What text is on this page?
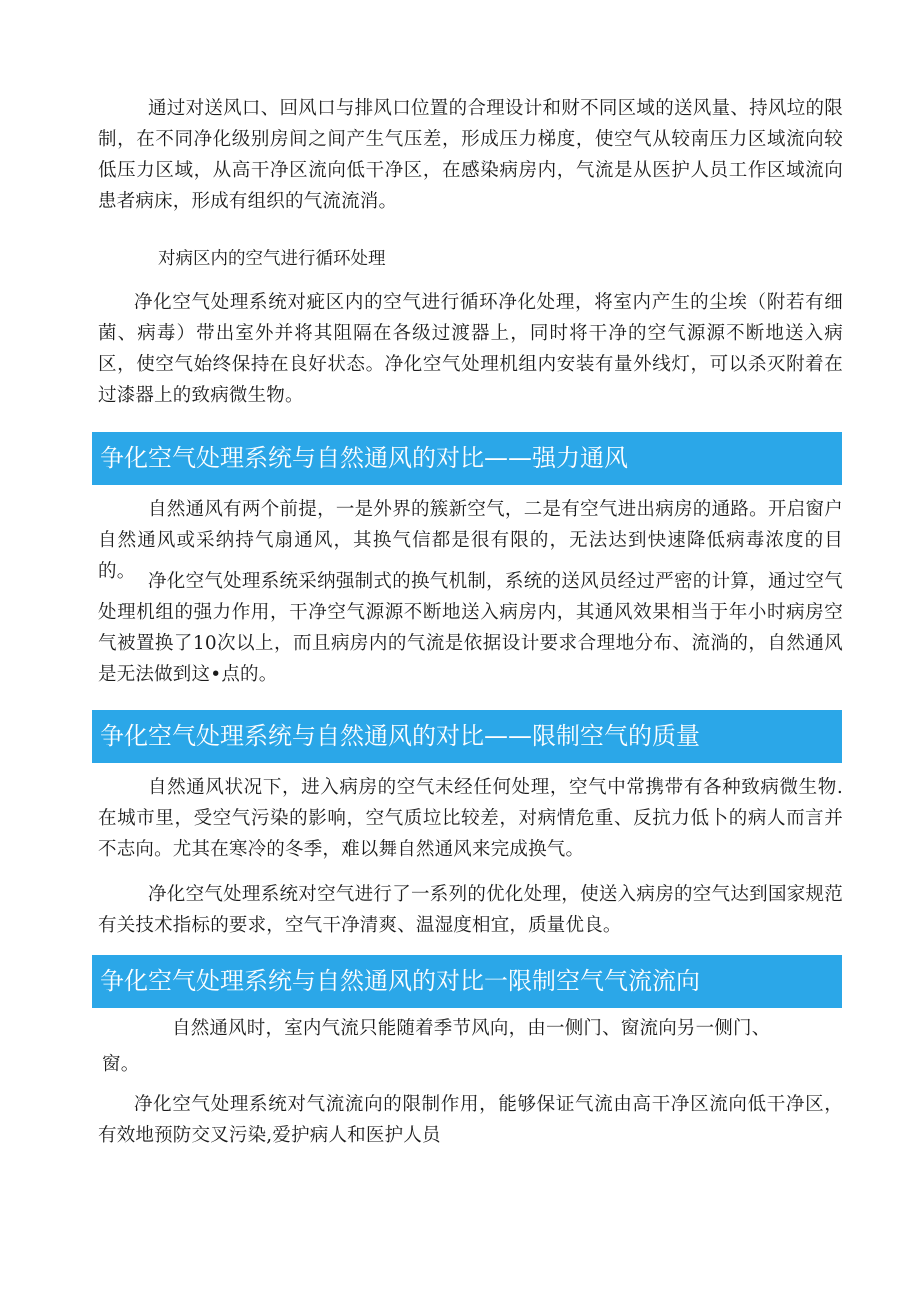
通过对送风口、回风口与排风口位置的合理设计和财不同区域的送风量、持风垃的限制，在不同净化级别房间之间产生气压差，形成压力梯度，使空气从较南压力区域流向较低压力区域，从高干净区流向低干净区，在感染病房内，气流是从医护人员工作区域流向患者病床，形成有组织的气流流消。

对病区内的空气进行循环处理

净化空气处理系统对疵区内的空气进行循环净化处理，将室内产生的尘埃（附若有细菌、病毒）带出室外并将其阻隔在各级过渡器上，同时将干净的空气源源不断地送入病区，使空气始终保持在良好状态。净化空气处理机组内安装有量外线灯，可以杀灭附着在过漆器上的致病微生物。

争化空气处理系统与自然通风的对比——强力通风

自然通风有两个前提，一是外界的簇新空气，二是有空气进出病房的通路。开启窗户自然通风或采纳持气扇通风，其换气信都是很有限的，无法达到快速降低病毒浓度的目的。 净化空气处理系统采纳强制式的换气机制，系统的送风员经过严密的计算，通过空气处理机组的强力作用，干净空气源源不断地送入病房内，其通风效果相当于年小时病房空气被置换了10次以上，而且病房内的气流是依据设计要求合理地分布、流淌的，自然通风是无法做到这•点的。

争化空气处理系统与自然通风的对比——限制空气的质量

自然通风状况下，进入病房的空气未经任何处理，空气中常携带有各种致病微生物.在城市里，受空气污染的影响，空气质垃比较差，对病情危重、反抗力低卜的病人而言并不志向。尤其在寒冷的冬季，难以舞自然通风来完成换气。

净化空气处理系统对空气进行了一系列的优化处理，使送入病房的空气达到国家规范有关技术指标的要求，空气干净清爽、温湿度相宜，质量优良。

争化空气处理系统与自然通风的对比一限制空气气流流向

自然通风时，室内气流只能随着季节风向，由一侧门、窗流向另一侧门、

窗。

净化空气处理系统对气流流向的限制作用，能够保证气流由高干净区流向低干净区，有效地预防交叉污染,爱护病人和医护人员
